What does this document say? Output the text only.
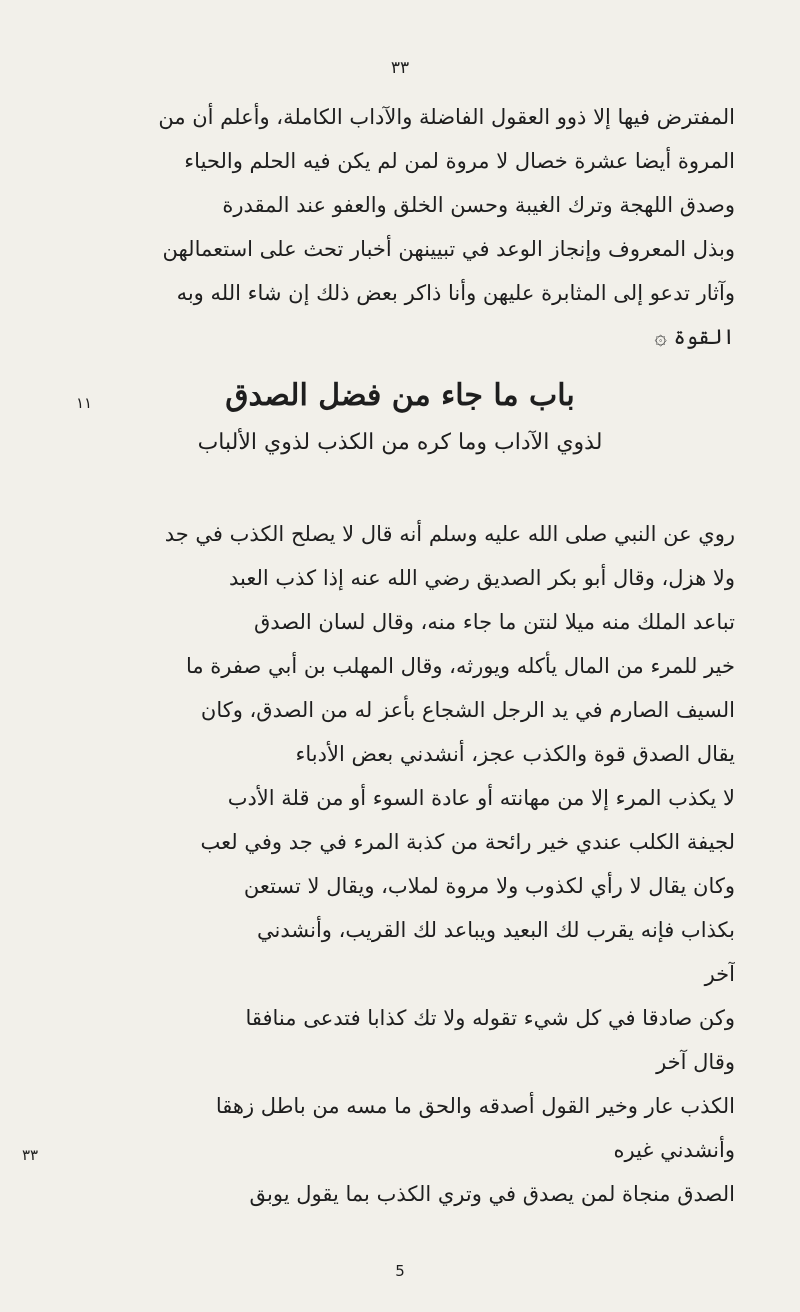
٣٣
١١
٣٣
المفترض فيها إلا ذوو العقول الفاضلة والآداب الكاملة، وأعلم أن من
المروة أيضا عشرة خصال لا مروة لمن لم يكن فيه الحلم والحياء
وصدق اللهجة وترك الغيبة وحسن الخلق والعفو عند المقدرة
وبذل المعروف وإنجاز الوعد في تبيينهن أخبار تحث على استعمالهن
وآثار تدعو إلى المثابرة عليهن وأنا ذاكر بعض ذلك إن شاء الله وبه
القوة ۞
باب ما جاء من فضل الصدق
لذوي الآداب وما كره من الكذب لذوي الألباب
روي عن النبي صلى الله عليه وسلم أنه قال لا يصلح الكذب في جد
ولا هزل، وقال أبو بكر الصديق رضي الله عنه إذا كذب العبد
تباعد الملك منه ميلا لنتن ما جاء منه، وقال لسان الصدق
خير للمرء من المال يأكله ويورثه، وقال المهلب بن أبي صفرة ما
السيف الصارم في يد الرجل الشجاع بأعز له من الصدق، وكان
يقال الصدق قوة والكذب عجز، أنشدني بعض الأدباء
لا يكذب المرء إلا من مهانته أو عادة السوء أو من قلة الأدب
لجيفة الكلب عندي خير رائحة من كذبة المرء في جد وفي لعب
وكان يقال لا رأي لكذوب ولا مروة لملاب، ويقال لا تستعن
بكذاب فإنه يقرب لك البعيد ويباعد لك القريب، وأنشدني
آخر
وكن صادقا في كل شيء تقوله ولا تك كذابا فتدعى منافقا
وقال آخر
الكذب عار وخير القول أصدقه والحق ما مسه من باطل زهقا
وأنشدني غيره
الصدق منجاة لمن يصدق في وتري الكذب بما يقول يوبق
5
